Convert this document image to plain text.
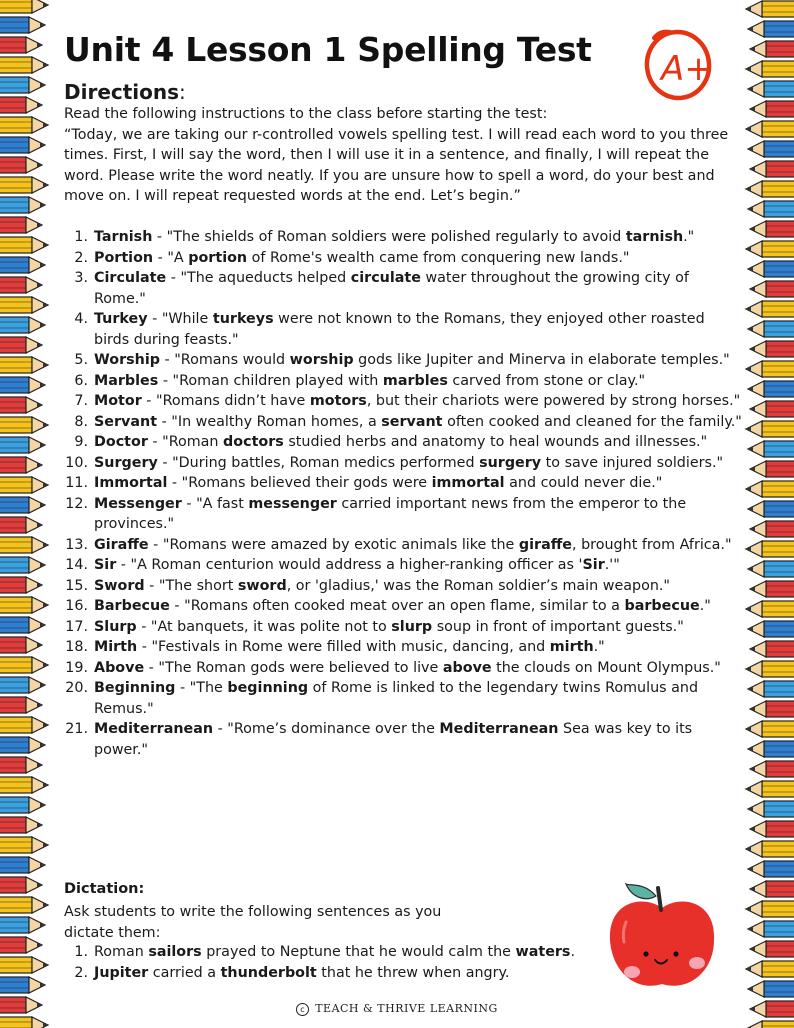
Unit 4 Lesson 1 Spelling Test A+
Directions:

Read the following instructions to the class before starting the test:

“Today, we are taking our r-controlled vowels spelling test. I will read each word to you three times. First, I will say the word, then I will use it in a sentence, and finally, I will repeat the word. Please write the word neatly. If you are unsure how to spell a word, do your best and move on. I will repeat requested words at the end. Let’s begin.”

1. Tarnish - "The shields of Roman soldiers were polished regularly to avoid tarnish."
2. Portion - "A portion of Rome's wealth came from conquering new lands."
3. Circulate - "The aqueducts helped circulate water throughout the growing city of Rome."
4. Turkey - "While turkeys were not known to the Romans, they enjoyed other roasted birds during feasts."
5. Worship - "Romans would worship gods like Jupiter and Minerva in elaborate temples."
6. Marbles - "Roman children played with marbles carved from stone or clay."
7. Motor - "Romans didn’t have motors, but their chariots were powered by strong horses."
8. Servant - "In wealthy Roman homes, a servant often cooked and cleaned for the family."
9. Doctor - "Roman doctors studied herbs and anatomy to heal wounds and illnesses."
10. Surgery - "During battles, Roman medics performed surgery to save injured soldiers."
11. Immortal - "Romans believed their gods were immortal and could never die."
12. Messenger - "A fast messenger carried important news from the emperor to the provinces."
13. Giraffe - "Romans were amazed by exotic animals like the giraffe, brought from Africa."
14. Sir - "A Roman centurion would address a higher-ranking officer as 'Sir.'"
15. Sword - "The short sword, or 'gladius,' was the Roman soldier’s main weapon."
16. Barbecue - "Romans often cooked meat over an open flame, similar to a barbecue."
17. Slurp - "At banquets, it was polite not to slurp soup in front of important guests."
18. Mirth - "Festivals in Rome were filled with music, dancing, and mirth."
19. Above - "The Roman gods were believed to live above the clouds on Mount Olympus."
20. Beginning - "The beginning of Rome is linked to the legendary twins Romulus and Remus."
21. Mediterranean - "Rome’s dominance over the Mediterranean Sea was key to its power."
Dictation:
Ask students to write the following sentences as you dictate them:
1. Roman sailors prayed to Neptune that he would calm the waters.
2. Jupiter carried a thunderbolt that he threw when angry.
c TEACH & THRIVE LEARNING
